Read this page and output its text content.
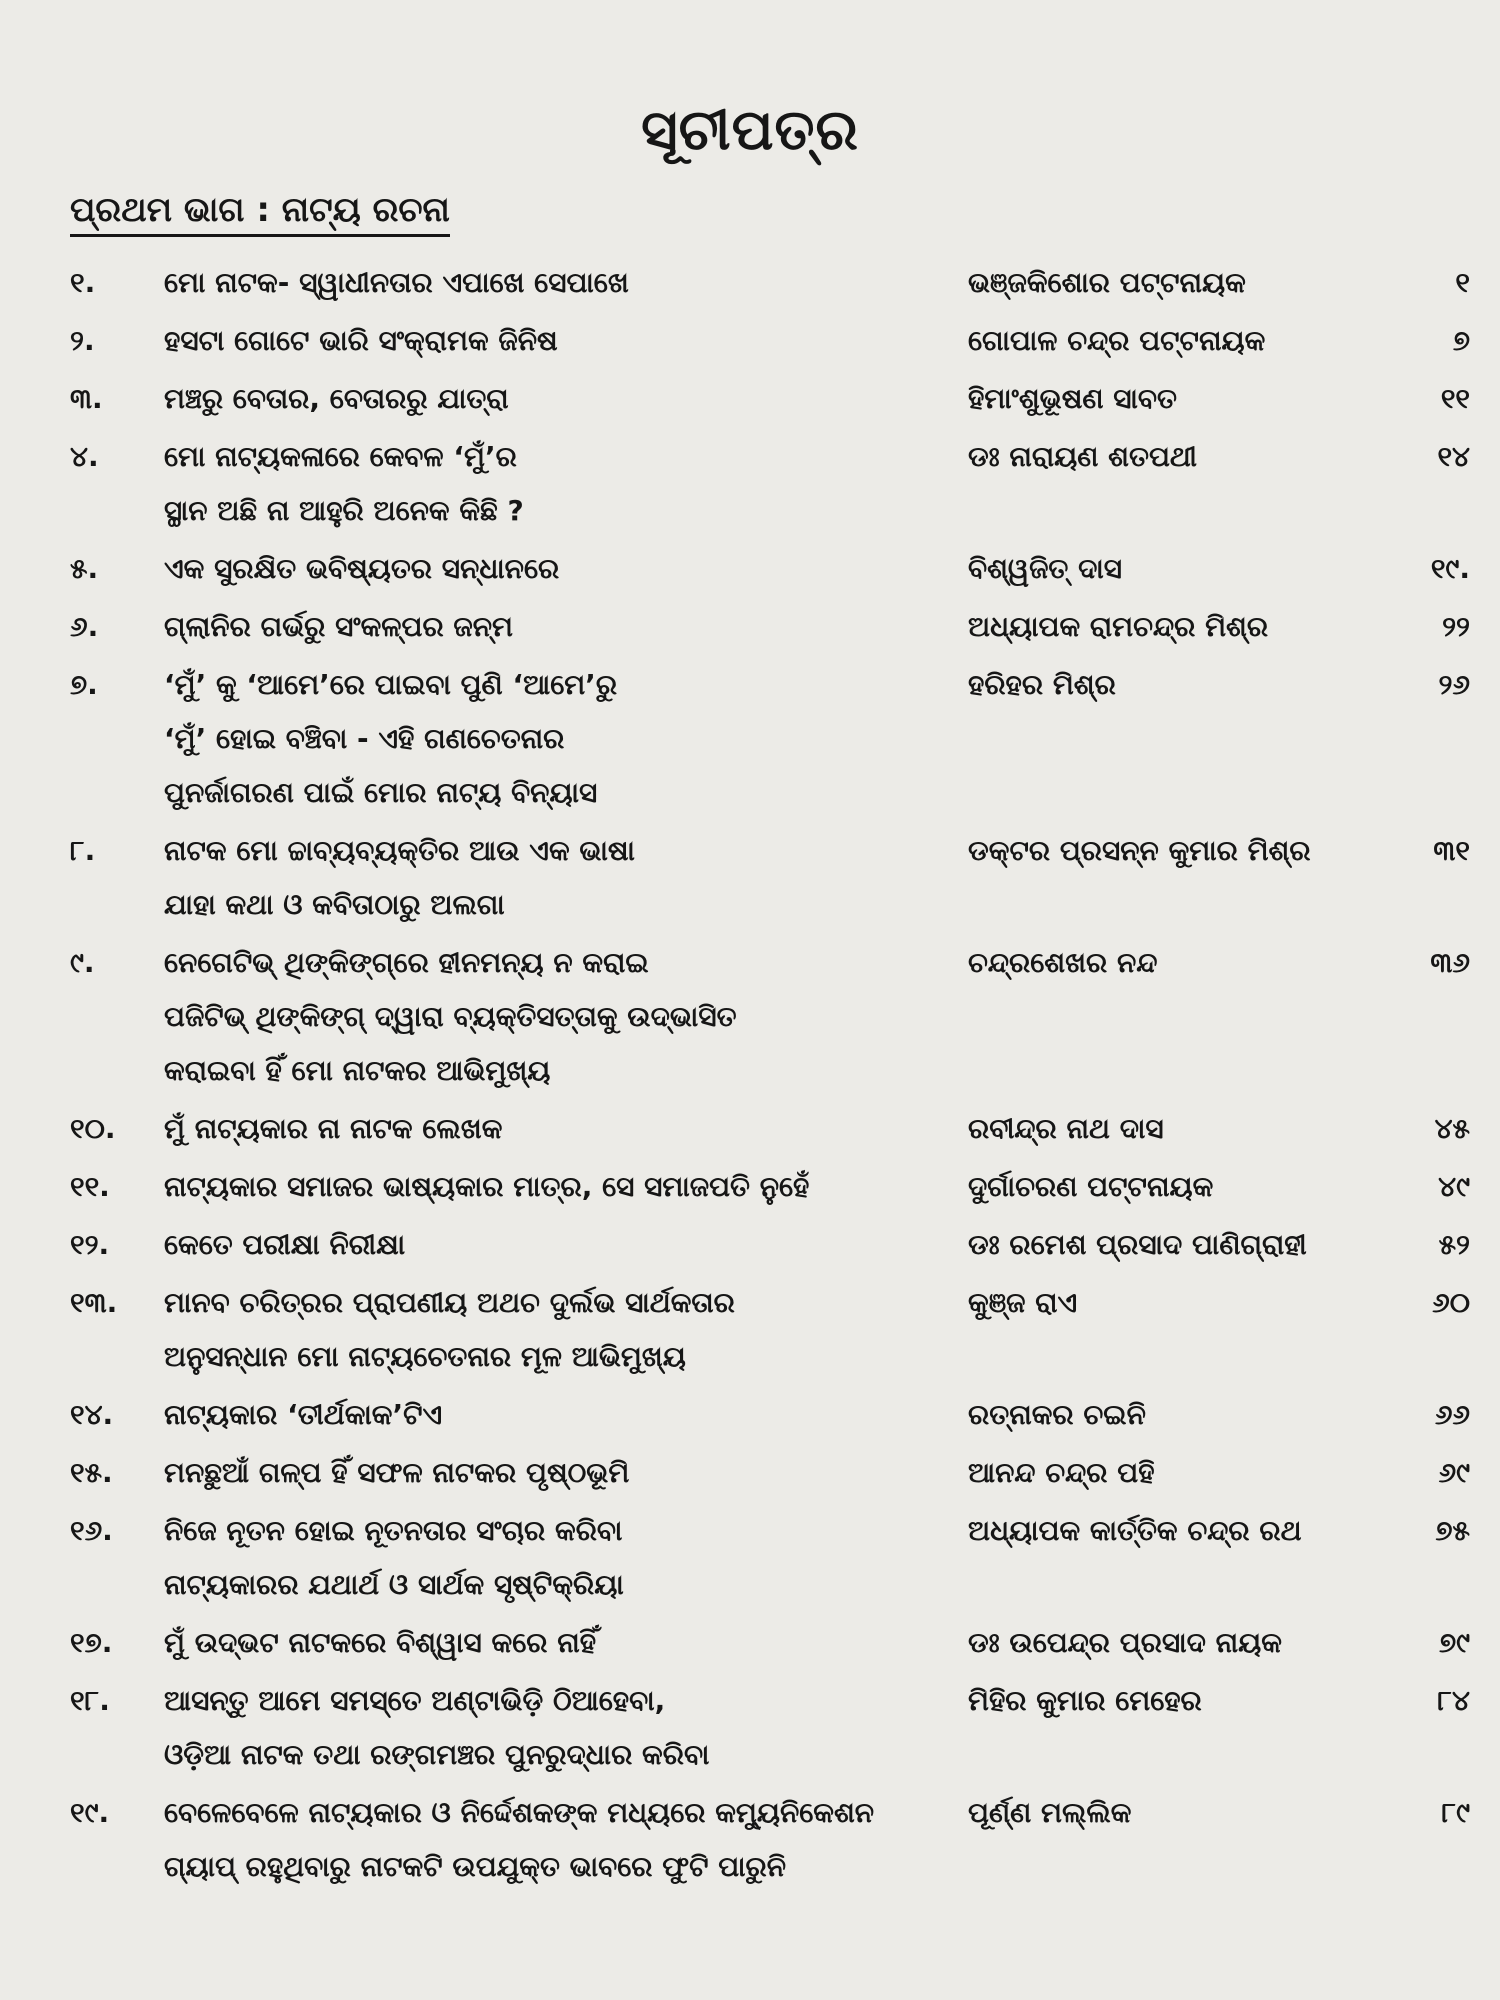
ସୂଚୀପତ୍ର
ପ୍ରଥମ ଭାଗ : ନାଟ୍ୟ ରଚନା
୧.	ମୋ ନାଟକ- ସ୍ୱାଧୀନତାର ଏପାଖେ ସେପାଖେ	ଭଞ୍ଜକିଶୋର ପଟ୍ଟନାୟକ	୧
୨.	ହସଟା ଗୋଟେ ଭାରି ସଂକ୍ରାମକ ଜିନିଷ	ଗୋପାଳ ଚନ୍ଦ୍ର ପଟ୍ଟନାୟକ	୭
୩.	ମଞ୍ଚରୁ ବେତାର, ବେତାରରୁ ଯାତ୍ରା	ହିମାଂଶୁଭୂଷଣ ସାବତ	୧୧
୪.	ମୋ ନାଟ୍ୟକଳାରେ କେବଳ ‘ମୁଁ’ର
ସ୍ଥାନ ଅଛି ନା ଆହୁରି ଅନେକ କିଛି ?
ଡଃ ନାରାୟଣ ଶତପଥୀ	୧୪
୫.	ଏକ ସୁରକ୍ଷିତ ଭବିଷ୍ୟତର ସନ୍ଧାନରେ	ବିଶ୍ୱଜିତ୍ ଦାସ	୧୯.
୬.	ଗ୍ଲାନିର ଗର୍ଭରୁ ସଂକଳ୍ପର ଜନ୍ମ	ଅଧ୍ୟାପକ ରାମଚନ୍ଦ୍ର ମିଶ୍ର	୨୨
୭.	‘ମୁଁ’ କୁ ‘ଆମେ’ରେ ପାଇବା ପୁଣି ‘ଆମେ’ରୁ
‘ମୁଁ’ ହୋଇ ବଞ୍ଚିବା - ଏହି ଗଣଚେତନାର
ପୁନର୍ଜାଗରଣ ପାଇଁ ମୋର ନାଟ୍ୟ ବିନ୍ୟାସ
ହରିହର ମିଶ୍ର	୨୬
୮.	ନାଟକ ମୋ ଚ୍ଚାବ୍ୟବ୍ୟକ୍ତିର ଆଉ ଏକ ଭାଷା
ଯାହା କଥା ଓ କବିତାଠାରୁ ଅଲଗା
ଡକ୍ଟର ପ୍ରସନ୍ନ କୁମାର ମିଶ୍ର	୩୧
୯.	ନେଗେଟିଭ୍ ଥିଙ୍କିଙ୍ଗ୍‌ରେ ହୀନମନ୍ୟ ନ କରାଇ
ପଜିଟିଭ୍ ଥିଙ୍କିଙ୍ଗ୍ ଦ୍ୱାରା ବ୍ୟକ୍ତିସତ୍ତାକୁ ଉଦ୍ଭାସିତ
କରାଇବା ହିଁ ମୋ ନାଟକର ଆଭିମୁଖ୍ୟ
ଚନ୍ଦ୍ରଶେଖର ନନ୍ଦ	୩୬
୧୦.	ମୁଁ ନାଟ୍ୟକାର ନା ନାଟକ ଲେଖକ	ରବୀନ୍ଦ୍ର ନାଥ ଦାସ	୪୫
୧୧.	ନାଟ୍ୟକାର ସମାଜର ଭାଷ୍ୟକାର ମାତ୍ର, ସେ ସମାଜପତି ନୁହେଁ	ଦୁର୍ଗାଚରଣ ପଟ୍ଟନାୟକ	୪୯
୧୨.	କେତେ ପରୀକ୍ଷା ନିରୀକ୍ଷା	ଡଃ ରମେଶ ପ୍ରସାଦ ପାଣିଗ୍ରାହୀ	୫୨
୧୩.	ମାନବ ଚରିତ୍ରର ପ୍ରାପଣୀୟ ଅଥଚ ଦୁର୍ଲଭ ସାର୍ଥକତାର
ଅନୁସନ୍ଧାନ ମୋ ନାଟ୍ୟଚେତନାର ମୂଳ ଆଭିମୁଖ୍ୟ
କୁଞ୍ଜ ରାଏ	୬୦
୧୪.	ନାଟ୍ୟକାର ‘ତୀର୍ଥକାକ’ଟିଏ	ରତ୍ନାକର ଚଇନି	୬୬
୧୫.	ମନଛୁଆଁ ଗଳ୍ପ ହିଁ ସଫଳ ନାଟକର ପୃଷ୍ଠଭୂମି	ଆନନ୍ଦ ଚନ୍ଦ୍ର ପହି	୬୯
୧୬.	ନିଜେ ନୂତନ ହୋଇ ନୂତନତାର ସଂଚାର କରିବା
ନାଟ୍ୟକାରର ଯଥାର୍ଥ ଓ ସାର୍ଥକ ସୃଷ୍ଟିକ୍ରିୟା
ଅଧ୍ୟାପକ କାର୍ତ୍ତିକ ଚନ୍ଦ୍ର ରଥ	୭୫
୧୭.	ମୁଁ ଉଦ୍ଭଟ ନାଟକରେ ବିଶ୍ୱାସ କରେ ନାହିଁ	ଡଃ ଉପେନ୍ଦ୍ର ପ୍ରସାଦ ନାୟକ	୭୯
୧୮.	ଆସନ୍ତୁ ଆମେ ସମସ୍ତେ ଅଣ୍ଟାଭିଡ଼ି ଠିଆହେବା,
ଓଡ଼ିଆ ନାଟକ ତଥା ରଙ୍ଗମଞ୍ଚର ପୁନରୁଦ୍ଧାର କରିବା
ମିହିର କୁମାର ମେହେର	୮୪
୧୯.	ବେଳେବେଳେ ନାଟ୍ୟକାର ଓ ନିର୍ଦ୍ଦେଶକଙ୍କ ମଧ୍ୟରେ କମ୍ୟୁନିକେଶନ
ଗ୍ୟାପ୍ ରହୁଥିବାରୁ ନାଟକଟି ଉପଯୁକ୍ତ ଭାବରେ ଫୁଟି ପାରୁନି
ପୂର୍ଣ୍ଣ ମଲ୍ଲିକ	୮୯
